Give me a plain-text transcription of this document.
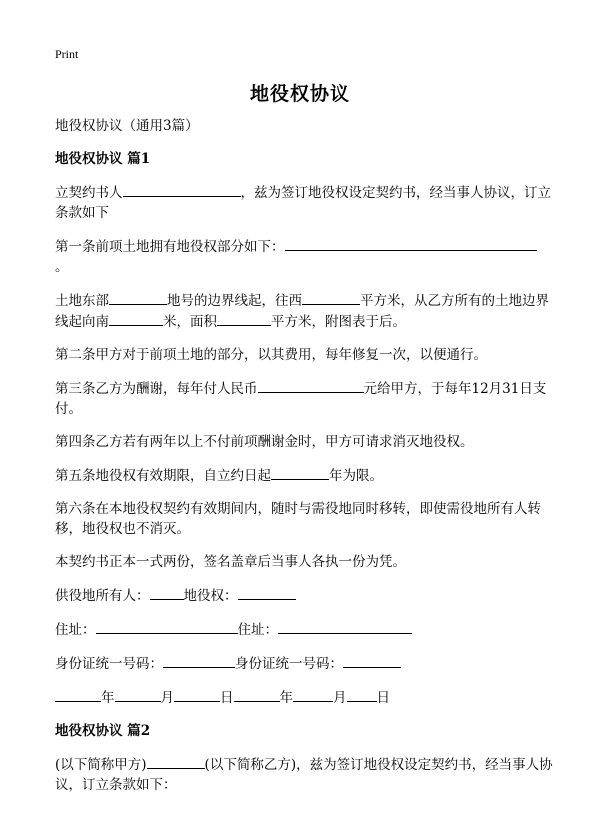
Print
地役权协议

地役权协议（通用3篇）

地役权协议 篇1

立契约书人	，兹为签订地役权设定契约书，经当事人协议，订立条款如下

第一条前项土地拥有地役权部分如下：
。

土地东部	地号的边界线起，往西	平方米，从乙方所有的土地边界线起向南	米，面积	平方米，附图表于后。

第二条甲方对于前项土地的部分，以其费用，每年修复一次，以便通行。

第三条乙方为酬谢，每年付人民币	元给甲方，于每年12月31日支付。

第四条乙方若有两年以上不付前项酬谢金时，甲方可请求消灭地役权。

第五条地役权有效期限，自立约日起	年为限。

第六条在本地役权契约有效期间内，随时与需役地同时移转，即使需役地所有人转移，地役权也不消灭。

本契约书正本一式两份，签名盖章后当事人各执一份为凭。

供役地所有人：	地役权：

住址：	住址：

身份证统一号码：	身份证统一号码：

年	月	日	年	月 日

地役权协议 篇2

(以下简称甲方)	(以下简称乙方)，兹为签订地役权设定契约书，经当事人协议，订立条款如下：
